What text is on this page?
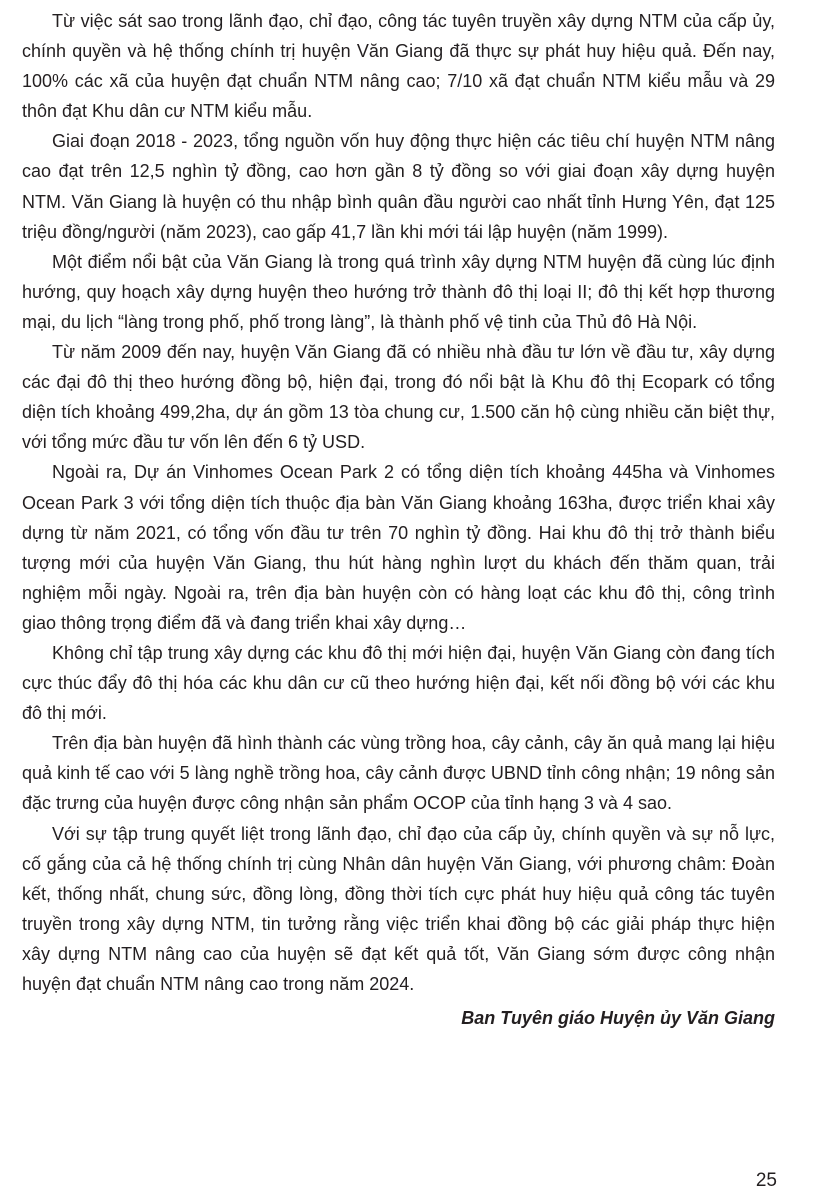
Từ việc sát sao trong lãnh đạo, chỉ đạo, công tác tuyên truyền xây dựng NTM của cấp ủy, chính quyền và hệ thống chính trị huyện Văn Giang đã thực sự phát huy hiệu quả. Đến nay, 100% các xã của huyện đạt chuẩn NTM nâng cao; 7/10 xã đạt chuẩn NTM kiểu mẫu và 29 thôn đạt Khu dân cư NTM kiểu mẫu.

Giai đoạn 2018 - 2023, tổng nguồn vốn huy động thực hiện các tiêu chí huyện NTM nâng cao đạt trên 12,5 nghìn tỷ đồng, cao hơn gần 8 tỷ đồng so với giai đoạn xây dựng huyện NTM. Văn Giang là huyện có thu nhập bình quân đầu người cao nhất tỉnh Hưng Yên, đạt 125 triệu đồng/người (năm 2023), cao gấp 41,7 lần khi mới tái lập huyện (năm 1999).

Một điểm nổi bật của Văn Giang là trong quá trình xây dựng NTM huyện đã cùng lúc định hướng, quy hoạch xây dựng huyện theo hướng trở thành đô thị loại II; đô thị kết hợp thương mại, du lịch “làng trong phố, phố trong làng”, là thành phố vệ tinh của Thủ đô Hà Nội.

Từ năm 2009 đến nay, huyện Văn Giang đã có nhiều nhà đầu tư lớn về đầu tư, xây dựng các đại đô thị theo hướng đồng bộ, hiện đại, trong đó nổi bật là Khu đô thị Ecopark có tổng diện tích khoảng 499,2ha, dự án gồm 13 tòa chung cư, 1.500 căn hộ cùng nhiều căn biệt thự, với tổng mức đầu tư vốn lên đến 6 tỷ USD.

Ngoài ra, Dự án Vinhomes Ocean Park 2 có tổng diện tích khoảng 445ha và Vinhomes Ocean Park 3 với tổng diện tích thuộc địa bàn Văn Giang khoảng 163ha, được triển khai xây dựng từ năm 2021, có tổng vốn đầu tư trên 70 nghìn tỷ đồng. Hai khu đô thị trở thành biểu tượng mới của huyện Văn Giang, thu hút hàng nghìn lượt du khách đến thăm quan, trải nghiệm mỗi ngày. Ngoài ra, trên địa bàn huyện còn có hàng loạt các khu đô thị, công trình giao thông trọng điểm đã và đang triển khai xây dựng…

Không chỉ tập trung xây dựng các khu đô thị mới hiện đại, huyện Văn Giang còn đang tích cực thúc đẩy đô thị hóa các khu dân cư cũ theo hướng hiện đại, kết nối đồng bộ với các khu đô thị mới.

Trên địa bàn huyện đã hình thành các vùng trồng hoa, cây cảnh, cây ăn quả mang lại hiệu quả kinh tế cao với 5 làng nghề trồng hoa, cây cảnh được UBND tỉnh công nhận; 19 nông sản đặc trưng của huyện được công nhận sản phẩm OCOP của tỉnh hạng 3 và 4 sao.

Với sự tập trung quyết liệt trong lãnh đạo, chỉ đạo của cấp ủy, chính quyền và sự nỗ lực, cố gắng của cả hệ thống chính trị cùng Nhân dân huyện Văn Giang, với phương châm: Đoàn kết, thống nhất, chung sức, đồng lòng, đồng thời tích cực phát huy hiệu quả công tác tuyên truyền trong xây dựng NTM, tin tưởng rằng việc triển khai đồng bộ các giải pháp thực hiện xây dựng NTM nâng cao của huyện sẽ đạt kết quả tốt, Văn Giang sớm được công nhận huyện đạt chuẩn NTM nâng cao trong năm 2024.

Ban Tuyên giáo Huyện ủy Văn Giang

25
